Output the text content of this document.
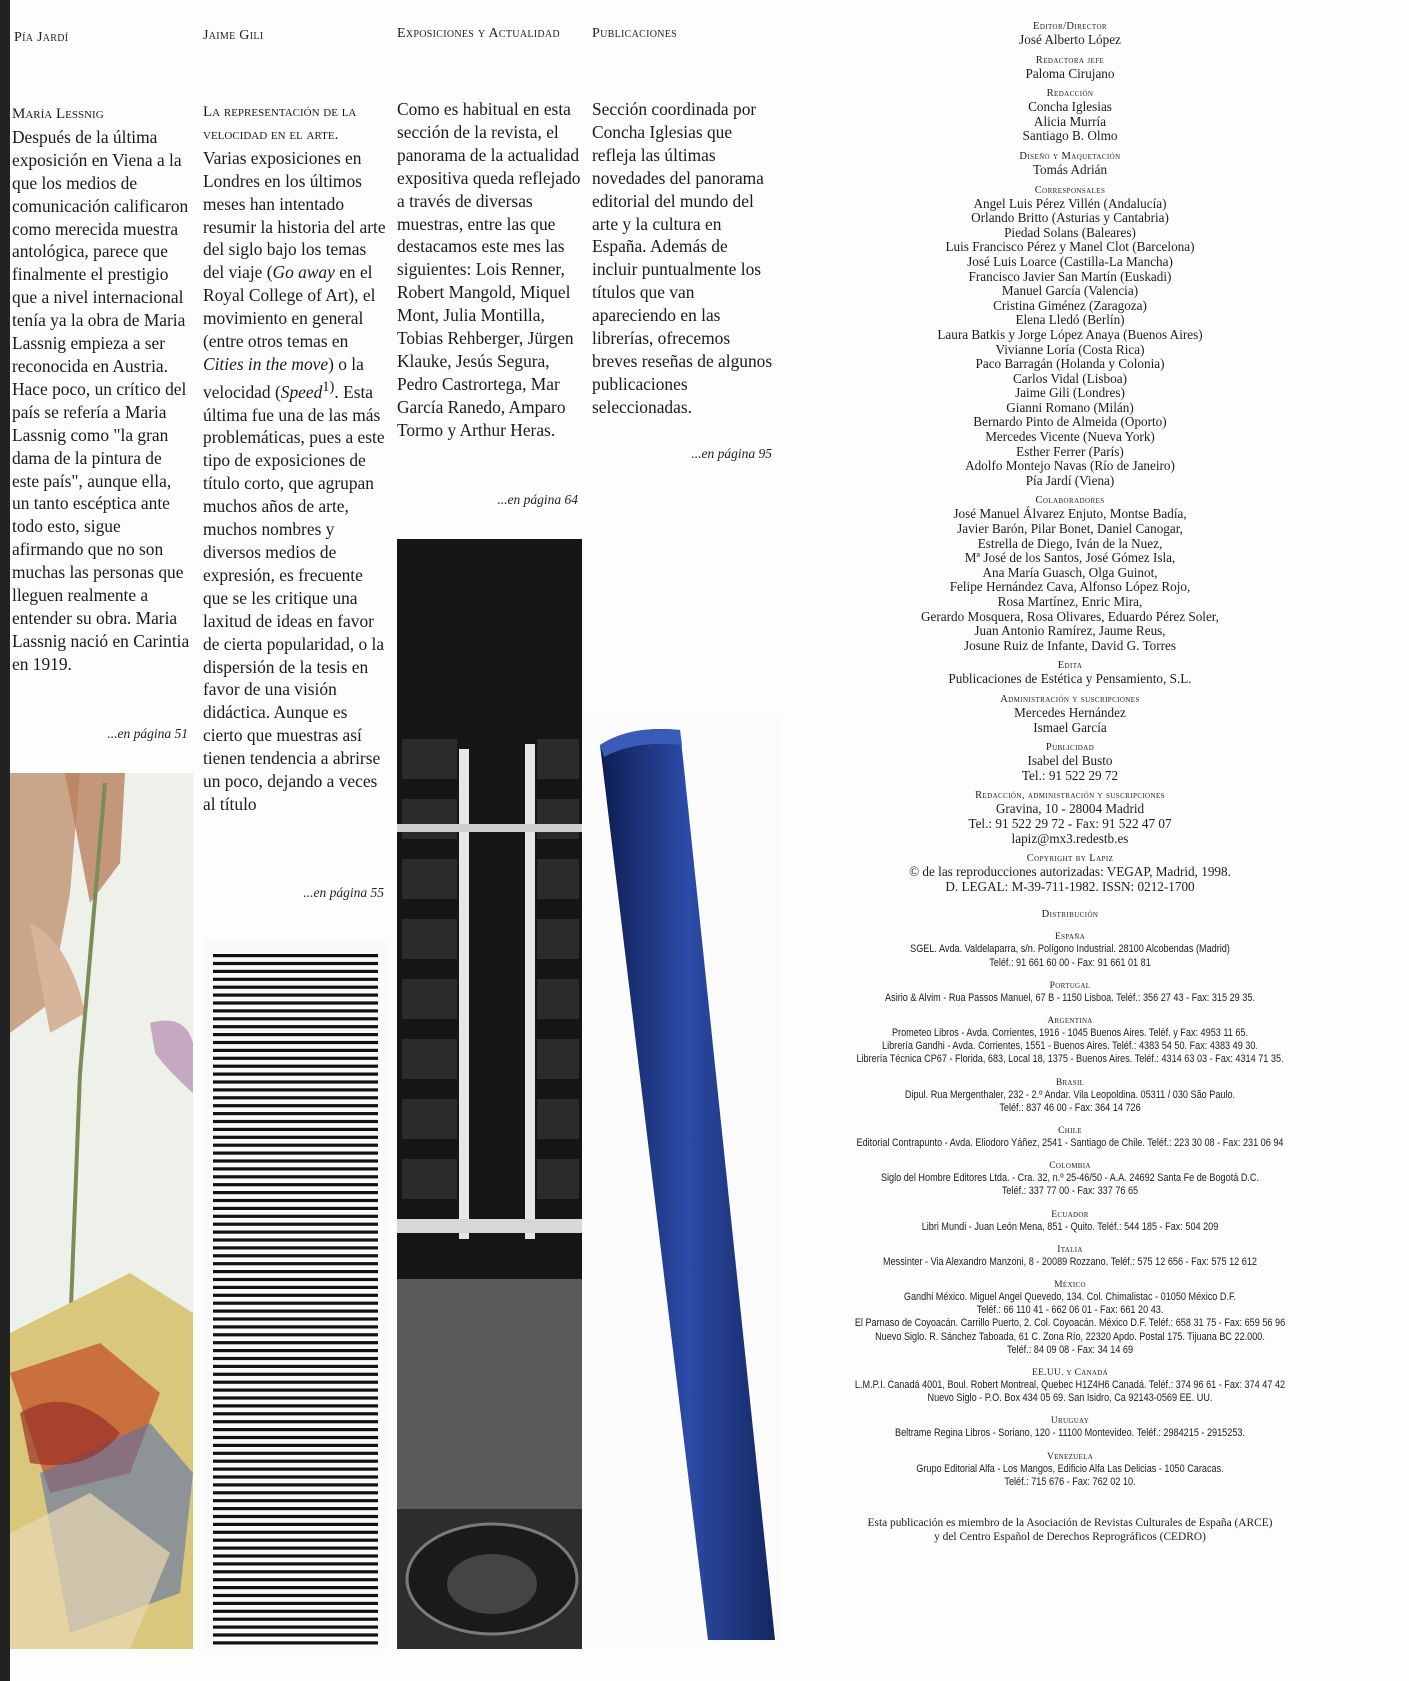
Pía Jardí	Jaime Gili	Exposiciones y Actualidad Publicaciones
María Lessnig
Después de la última exposición en Viena a la que los medios de comunicación calificaron como merecida muestra antológica, parece que finalmente el prestigio que a nivel internacional tenía ya la obra de Maria Lassnig empieza a ser reconocida en Austria. Hace poco, un crítico del país se refería a Maria Lassnig como "la gran dama de la pintura de este país", aunque ella, un tanto escéptica ante todo esto, sigue afirmando que no son muchas las personas que lleguen realmente a entender su obra. Maria Lassnig nació en Carintia en 1919.
...en página 51
La representación de la velocidad en el arte.
Varias exposiciones en Londres en los últimos meses han intentado resumir la historia del arte del siglo bajo los temas del viaje (Go away en el Royal College of Art), el movimiento en general (entre otros temas en Cities in the move) o la velocidad (Speed$^{1)}$. Esta última fue una de las más problemáticas, pues a este tipo de exposiciones de título corto, que agrupan muchos años de arte, muchos nombres y diversos medios de expresión, es frecuente que se les critique una laxitud de ideas en favor de cierta popularidad, o la dispersión de la tesis en favor de una visión didáctica. Aunque es cierto que muestras así tienen tendencia a abrirse un poco, dejando a veces al título
...en página 55
Como es habitual en esta sección de la revista, el panorama de la actualidad expositiva queda reflejado a través de diversas muestras, entre las que destacamos este mes las siguientes: Lois Renner, Robert Mangold, Miquel Mont, Julia Montilla, Tobias Rehberger, Jürgen Klauke, Jesús Segura, Pedro Castrortega, Mar García Ranedo, Amparo Tormo y Arthur Heras.
...en página 64
Sección coordinada por Concha Iglesias que refleja las últimas novedades del panorama editorial del mundo del arte y la cultura en España. Además de incluir puntualmente los títulos que van apareciendo en las librerías, ofrecemos breves reseñas de algunos publicaciones seleccionadas.
...en página 95
Editor/Director
José Alberto López
Redactora jefe
Paloma Cirujano
Redacción
Concha Iglesias
Alicia Murría
Santiago B. Olmo
Diseño y Maquetación
Tomás Adrián
Corresponsales
Angel Luis Pérez Villén (Andalucía)
Orlando Britto (Asturias y Cantabria)
Piedad Solans (Baleares)
Luis Francisco Pérez y Manel Clot (Barcelona)
José Luis Loarce (Castilla-La Mancha)
Francisco Javier San Martín (Euskadi)
Manuel García (Valencia)
Cristina Giménez (Zaragoza)
Elena Lledó (Berlín)
Laura Batkis y Jorge López Anaya (Buenos Aires)
Vivianne Loría (Costa Rica)
Paco Barragán (Holanda y Colonia)
Carlos Vidal (Lisboa)
Jaime Gili (Londres)
Gianni Romano (Milán)
Bernardo Pinto de Almeida (Oporto)
Mercedes Vicente (Nueva York)
Esther Ferrer (París)
Adolfo Montejo Navas (Río de Janeiro)
Pía Jardí (Viena)
Colaboradores
José Manuel Álvarez Enjuto, Montse Badía,
Javier Barón, Pilar Bonet, Daniel Canogar,
Estrella de Diego, Iván de la Nuez,
Mª José de los Santos, José Gómez Isla,
Ana María Guasch, Olga Guinot,
Felipe Hernández Cava, Alfonso López Rojo,
Rosa Martínez, Enric Mira,
Gerardo Mosquera, Rosa Olivares, Eduardo Pérez Soler,
Juan Antonio Ramírez, Jaume Reus,
Josune Ruiz de Infante, David G. Torres
Edita
Publicaciones de Estética y Pensamiento, S.L.
Administración y suscripciones
Mercedes Hernández
Ismael García
Publicidad
Isabel del Busto
Tel.: 91 522 29 72
Redacción, administración y suscripciones
Gravina, 10 - 28004 Madrid
Tel.: 91 522 29 72 - Fax: 91 522 47 07
lapiz@mx3.redestb.es
Copyright by Lapiz
© de las reproducciones autorizadas: VEGAP, Madrid, 1998.
D. LEGAL: M-39-711-1982. ISSN: 0212-1700
Distribución
España
SGEL. Avda. Valdelaparra, s/n. Polígono Industrial. 28100 Alcobendas (Madrid)
Teléf.: 91 661 60 00 - Fax: 91 661 01 81
Portugal
Asirio & Alvim - Rua Passos Manuel, 67 B - 1150 Lisboa. Teléf.: 356 27 43 - Fax: 315 29 35.
Argentina
Prometeo Libros - Avda. Corrientes, 1916 - 1045 Buenos Aires. Teléf. y Fax: 4953 11 65.
Librería Gandhi - Avda. Corrientes, 1551 - Buenos Aires. Teléf.: 4383 54 50. Fax: 4383 49 30.
Librería Técnica CP67 - Florida, 683, Local 18, 1375 - Buenos Aires. Teléf.: 4314 63 03 - Fax: 4314 71 35.
Brasil
Dipul. Rua Mergenthaler, 232 - 2.º Andar. Vila Leopoldina. 05311 / 030 São Paulo.
Teléf.: 837 46 00 - Fax: 364 14 726
Chile
Editorial Contrapunto - Avda. Eliodoro Yáñez, 2541 - Santiago de Chile. Teléf.: 223 30 08 - Fax: 231 06 94
Colombia
Siglo del Hombre Editores Ltda. - Cra. 32, n.º 25-46/50 - A.A. 24692 Santa Fe de Bogotá D.C.
Teléf.: 337 77 00 - Fax: 337 76 65
Ecuador
Libri Mundi - Juan León Mena, 851 - Quito. Teléf.: 544 185 - Fax: 504 209
Italia
Messinter - Via Alexandro Manzoni, 8 - 20089 Rozzano. Teléf.: 575 12 656 - Fax: 575 12 612
México
Gandhi México. Miguel Angel Quevedo, 134. Col. Chimalistac - 01050 México D.F.
Teléf.: 66 110 41 - 662 06 01 - Fax: 661 20 43.
El Parnaso de Coyoacán. Carrillo Puerto, 2. Col. Coyoacán. México D.F. Teléf.: 658 31 75 - Fax: 659 56 96
Nuevo Siglo. R. Sánchez Taboada, 61 C. Zona Río, 22320 Apdo. Postal 175. Tijuana BC 22.000.
Teléf.: 84 09 08 - Fax: 34 14 69
EE.UU. y Canadá
L.M.P.I. Canadá 4001, Boul. Robert Montreal, Quebec H1Z4H6 Canadá. Teléf.: 374 96 61 - Fax: 374 47 42
Nuevo Siglo - P.O. Box 434 05 69. San Isidro, Ca 92143-0569 EE. UU.
Uruguay
Beltrame Regina Libros - Soriano, 120 - 11100 Montevideo. Teléf.: 2984215 - 2915253.
Venezuela
Grupo Editorial Alfa - Los Mangos, Edificio Alfa Las Delicias - 1050 Caracas.
Teléf.: 715 676 - Fax: 762 02 10.
Esta publicación es miembro de la Asociación de Revistas Culturales de España (ARCE)
y del Centro Español de Derechos Reprográficos (CEDRO)
